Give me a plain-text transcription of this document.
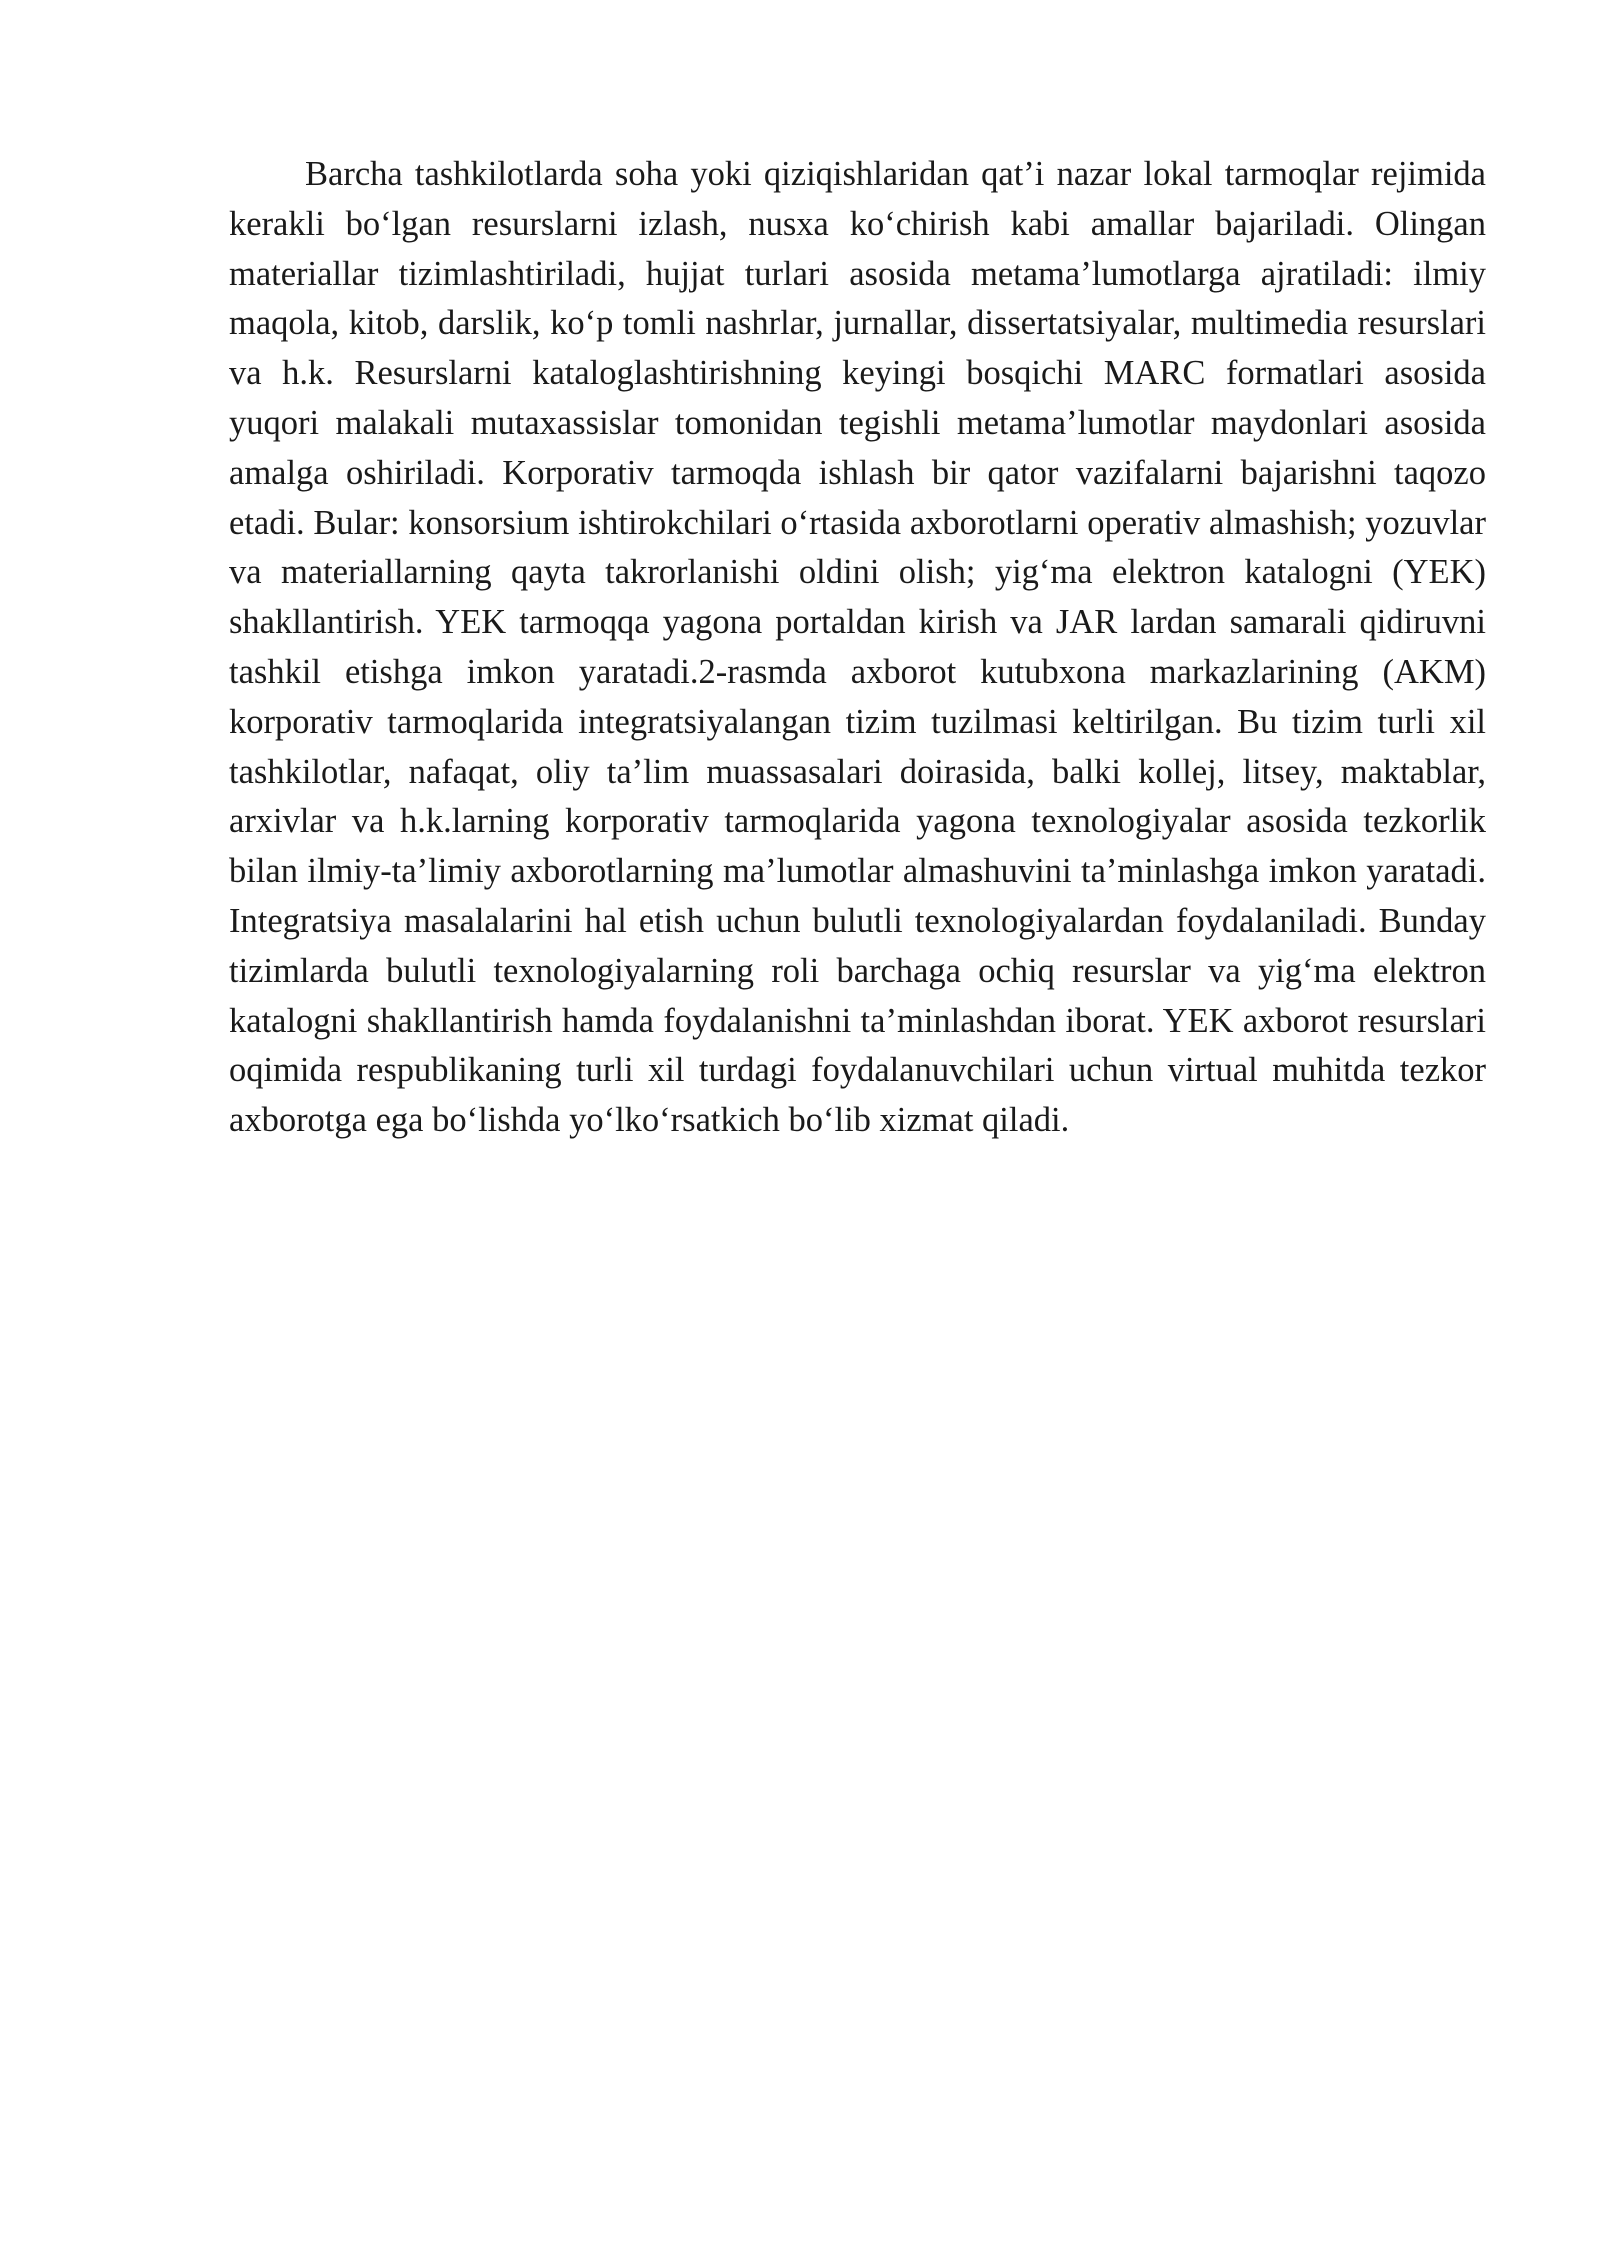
Barcha tashkilotlarda soha yoki qiziqishlaridan qat’i nazar lokal tarmoqlar rejimida kerakli bo‘lgan resurslarni izlash, nusxa ko‘chirish kabi amallar bajariladi. Olingan materiallar tizimlashtiriladi, hujjat turlari asosida metama’lumotlarga ajratiladi: ilmiy maqola, kitob, darslik, ko‘p tomli nashrlar, jurnallar, dissertatsiyalar, multimedia resurslari va h.k. Resurslarni kataloglashtirishning keyingi bosqichi MARC formatlari asosida yuqori malakali mutaxassislar tomonidan tegishli metama’lumotlar maydonlari asosida amalga oshiriladi. Korporativ tarmoqda ishlash bir qator vazifalarni bajarishni taqozo etadi. Bular: konsorsium ishtirokchilari o‘rtasida axborotlarni operativ almashish; yozuvlar va materiallarning qayta takrorlanishi oldini olish; yig‘ma elektron katalogni (YEK) shakllantirish. YEK tarmoqqa yagona portaldan kirish va JAR lardan samarali qidiruvni tashkil etishga imkon yaratadi.2-rasmda axborot kutubxona markazlarining (AKM) korporativ tarmoqlarida integratsiyalangan tizim tuzilmasi keltirilgan. Bu tizim turli xil tashkilotlar, nafaqat, oliy ta’lim muassasalari doirasida, balki kollej, litsey, maktablar, arxivlar va h.k.larning korporativ tarmoqlarida yagona texnologiyalar asosida tezkorlik bilan ilmiy-ta’limiy axborotlarning ma’lumotlar almashuvini ta’minlashga imkon yaratadi. Integratsiya masalalarini hal etish uchun bulutli texnologiyalardan foydalaniladi. Bunday tizimlarda bulutli texnologiyalarning roli barchaga ochiq resurslar va yig‘ma elektron katalogni shakllantirish hamda foydalanishni ta’minlashdan iborat. YEK axborot resurslari oqimida respublikaning turli xil turdagi foydalanuvchilari uchun virtual muhitda tezkor axborotga ega bo‘lishda yo‘lko‘rsatkich bo‘lib xizmat qiladi.
